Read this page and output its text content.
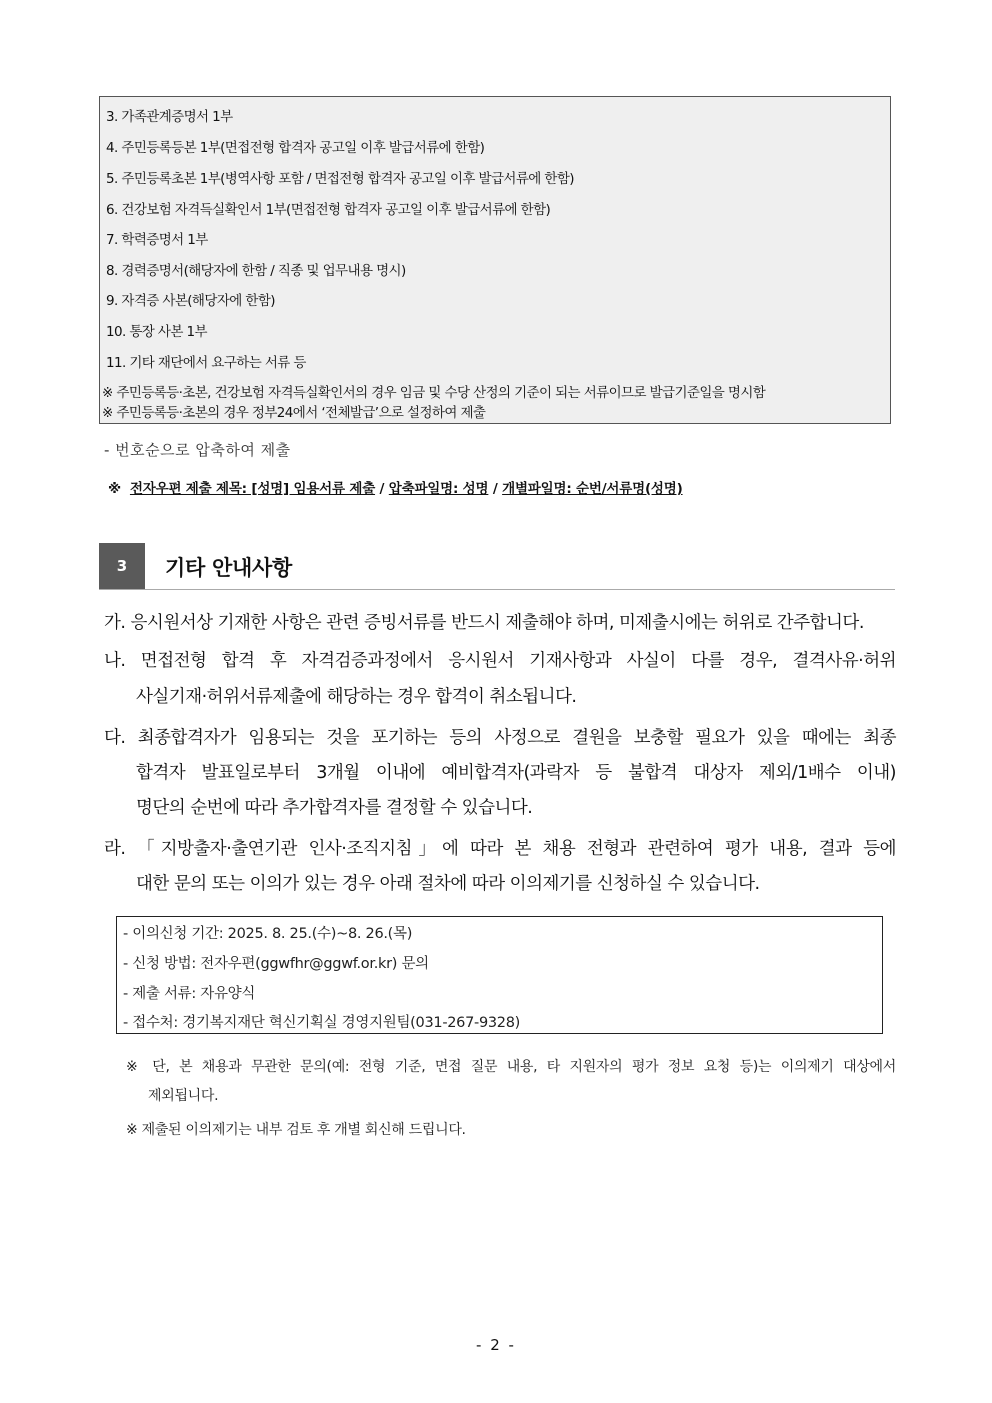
3. 가족관계증명서 1부
4. 주민등록등본 1부(면접전형 합격자 공고일 이후 발급서류에 한함)
5. 주민등록초본 1부(병역사항 포함 / 면접전형 합격자 공고일 이후 발급서류에 한함)
6. 건강보험 자격득실확인서 1부(면접전형 합격자 공고일 이후 발급서류에 한함)
7. 학력증명서 1부
8. 경력증명서(해당자에 한함 / 직종 및 업무내용 명시)
9. 자격증 사본(해당자에 한함)
10. 통장 사본 1부
11. 기타 재단에서 요구하는 서류 등
※ 주민등록등·초본, 건강보험 자격득실확인서의 경우 임금 및 수당 산정의 기준이 되는 서류이므로 발급기준일을 명시함
※ 주민등록등·초본의 경우 정부24에서 ‘전체발급’으로 설정하여 제출
- 번호순으로 압축하여 제출
※ 전자우편 제출 제목: [성명] 임용서류 제출 / 압축파일명: 성명 / 개별파일명: 순번/서류명(성명)
3	기타 안내사항
가. 응시원서상 기재한 사항은 관련 증빙서류를 반드시 제출해야 하며, 미제출시에는 허위로 간주합니다.
나. 면접전형 합격 후 자격검증과정에서 응시원서 기재사항과 사실이 다를 경우, 결격사유·허위
사실기재·허위서류제출에 해당하는 경우 합격이 취소됩니다.
다. 최종합격자가 임용되는 것을 포기하는 등의 사정으로 결원을 보충할 필요가 있을 때에는 최종
합격자 발표일로부터 3개월 이내에 예비합격자(과락자 등 불합격 대상자 제외/1배수 이내)
명단의 순번에 따라 추가합격자를 결정할 수 있습니다.
라. 「지방출자·출연기관 인사·조직지침」에 따라 본 채용 전형과 관련하여 평가 내용, 결과 등에
대한 문의 또는 이의가 있는 경우 아래 절차에 따라 이의제기를 신청하실 수 있습니다.
- 이의신청 기간: 2025. 8. 25.(수)~8. 26.(목)
- 신청 방법: 전자우편(ggwfhr@ggwf.or.kr) 문의
- 제출 서류: 자유양식
- 접수처: 경기복지재단 혁신기획실 경영지원팀(031-267-9328)
※ 단, 본 채용과 무관한 문의(예: 전형 기준, 면접 질문 내용, 타 지원자의 평가 정보 요청 등)는 이의제기 대상에서
제외됩니다.
※ 제출된 이의제기는 내부 검토 후 개별 회신해 드립니다.
- 2 -
